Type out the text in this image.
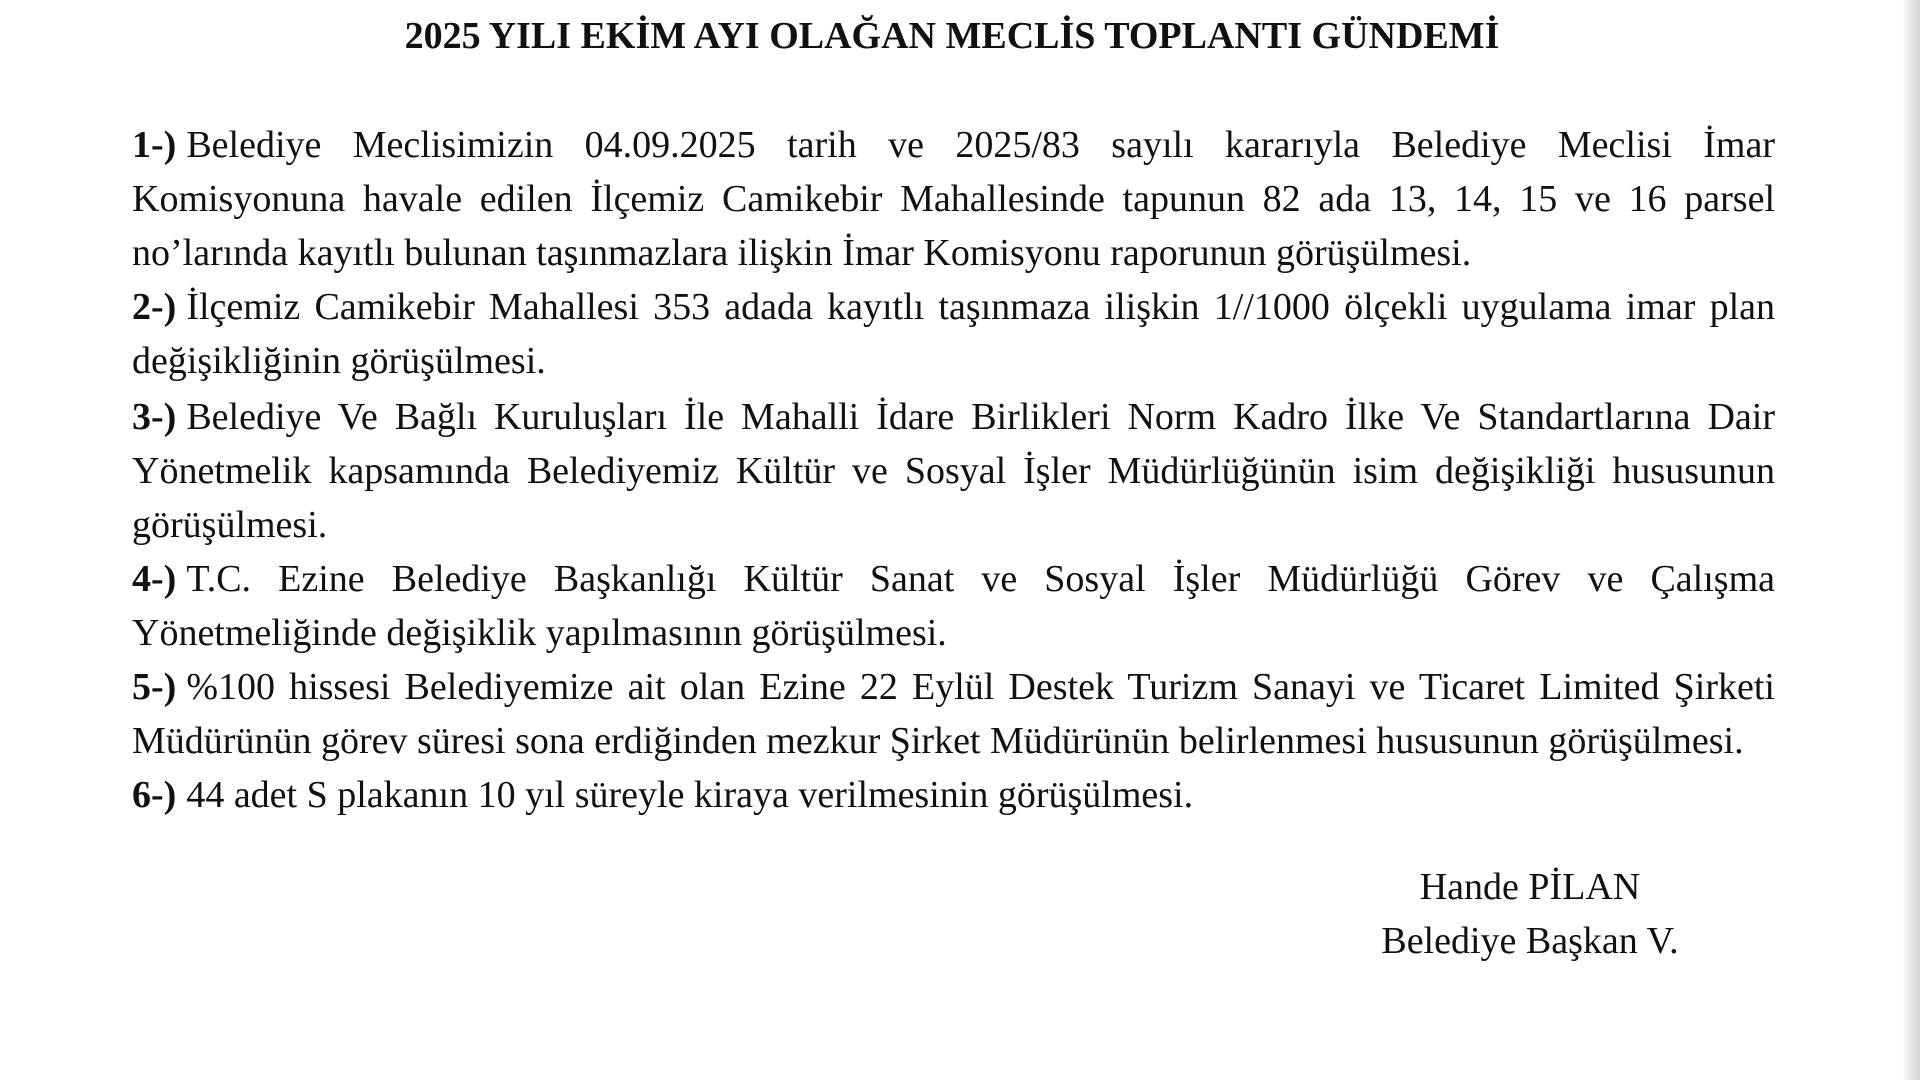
2025 YILI EKİM AYI OLAĞAN MECLİS TOPLANTI GÜNDEMİ

1-) Belediye Meclisimizin 04.09.2025 tarih ve 2025/83 sayılı kararıyla Belediye Meclisi İmar Komisyonuna havale edilen İlçemiz Camikebir Mahallesinde tapunun 82 ada 13, 14, 15 ve 16 parsel no’larında kayıtlı bulunan taşınmazlara ilişkin İmar Komisyonu raporunun görüşülmesi.

2-) İlçemiz Camikebir Mahallesi 353 adada kayıtlı taşınmaza ilişkin 1//1000 ölçekli uygulama imar plan değişikliğinin görüşülmesi.

3-) Belediye Ve Bağlı Kuruluşları İle Mahalli İdare Birlikleri Norm Kadro İlke Ve Standartlarına Dair Yönetmelik kapsamında Belediyemiz Kültür ve Sosyal İşler Müdürlüğünün isim değişikliği hususunun görüşülmesi.

4-) T.C. Ezine Belediye Başkanlığı Kültür Sanat ve Sosyal İşler Müdürlüğü Görev ve Çalışma Yönetmeliğinde değişiklik yapılmasının görüşülmesi.

5-) %100 hissesi Belediyemize ait olan Ezine 22 Eylül Destek Turizm Sanayi ve Ticaret Limited Şirketi Müdürünün görev süresi sona erdiğinden mezkur Şirket Müdürünün belirlenmesi hususunun görüşülmesi.

6-) 44 adet S plakanın 10 yıl süreyle kiraya verilmesinin görüşülmesi.

Hande PİLAN
Belediye Başkan V.
